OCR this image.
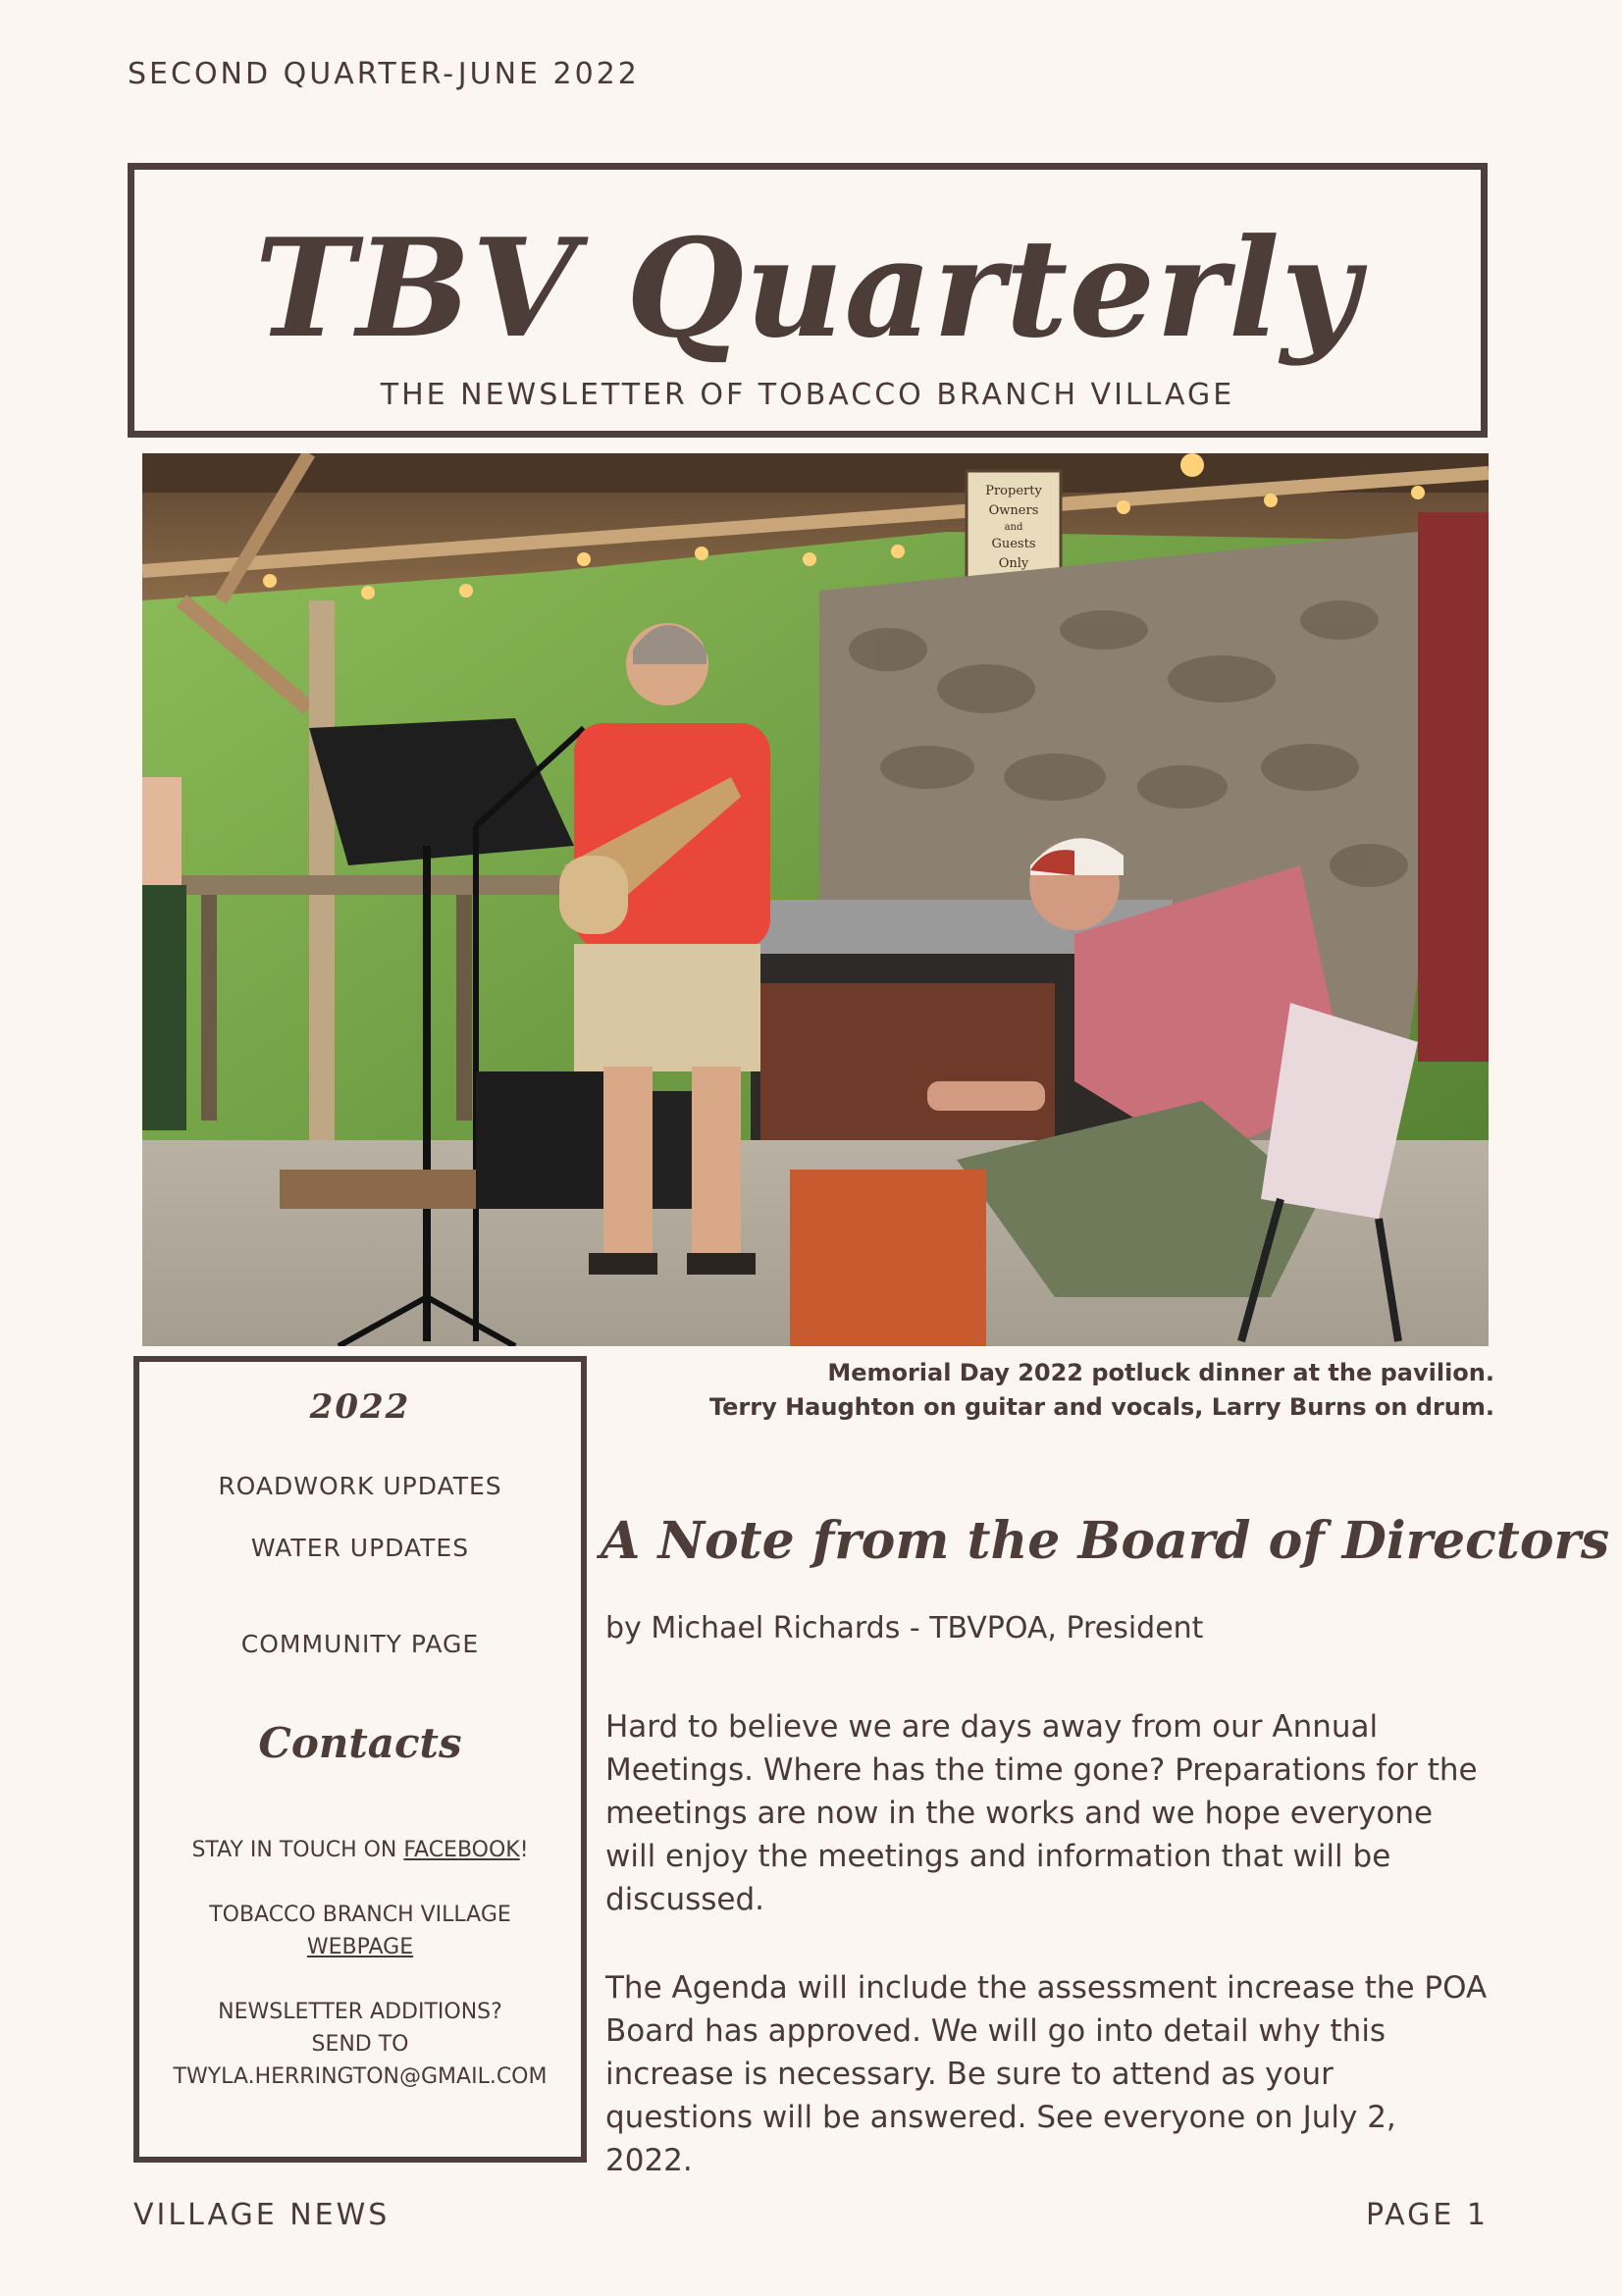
SECOND QUARTER-JUNE 2022
TBV Quarterly
THE NEWSLETTER OF TOBACCO BRANCH VILLAGE
Property
Owners
and
Guests
Only
Memorial Day 2022 potluck dinner at the pavilion.
Terry Haughton on guitar and vocals, Larry Burns on drum.
2022
ROADWORK UPDATES
WATER UPDATES
COMMUNITY PAGE
Contacts
STAY IN TOUCH ON FACEBOOK!
TOBACCO BRANCH VILLAGE
WEBPAGE
NEWSLETTER ADDITIONS?
SEND TO
TWYLA.HERRINGTON@GMAIL.COM
A Note from the Board of Directors
by Michael Richards - TBVPOA, President
Hard to believe we are days away from our Annual Meetings. Where has the time gone? Preparations for the meetings are now in the works and we hope everyone will enjoy the meetings and information that will be discussed.
The Agenda will include the assessment increase the POA Board has approved. We will go into detail why this increase is necessary. Be sure to attend as your questions will be answered. See everyone on July 2, 2022.
VILLAGE NEWS	PAGE 1
